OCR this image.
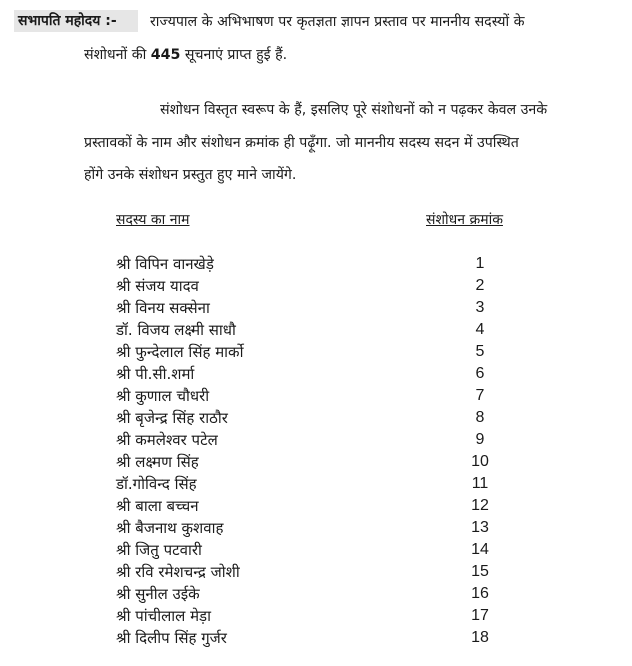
सभापति महोदय :-	राज्यपाल के अभिभाषण पर कृतज्ञता ज्ञापन प्रस्ताव पर माननीय सदस्यों के
संशोधनों की 445 सूचनाएं प्राप्त हुई हैं.
संशोधन विस्तृत स्वरूप के हैं, इसलिए पूरे संशोधनों को न पढ़कर केवल उनके
प्रस्तावकों के नाम और संशोधन क्रमांक ही पढ़ूँगा. जो माननीय सदस्य सदन में उपस्थित
होंगे उनके संशोधन प्रस्तुत हुए माने जायेंगे.
सदस्य का नाम	संशोधन क्रमांक
श्री विपिन वानखेड़े	1
श्री संजय यादव	2
श्री विनय सक्सेना	3
डॉ. विजय लक्ष्मी साधौ	4
श्री फुन्देलाल सिंह मार्को	5
श्री पी.सी.शर्मा	6
श्री कुणाल चौधरी	7
श्री बृजेन्द्र सिंह राठौर	8
श्री कमलेश्वर पटेल	9
श्री लक्ष्मण सिंह	10
डॉ.गोविन्द सिंह	11
श्री बाला बच्चन	12
श्री बैजनाथ कुशवाह	13
श्री जितु पटवारी	14
श्री रवि रमेशचन्द्र जोशी	15
श्री सुनील उईके	16
श्री पांचीलाल मेड़ा	17
श्री दिलीप सिंह गुर्जर	18
